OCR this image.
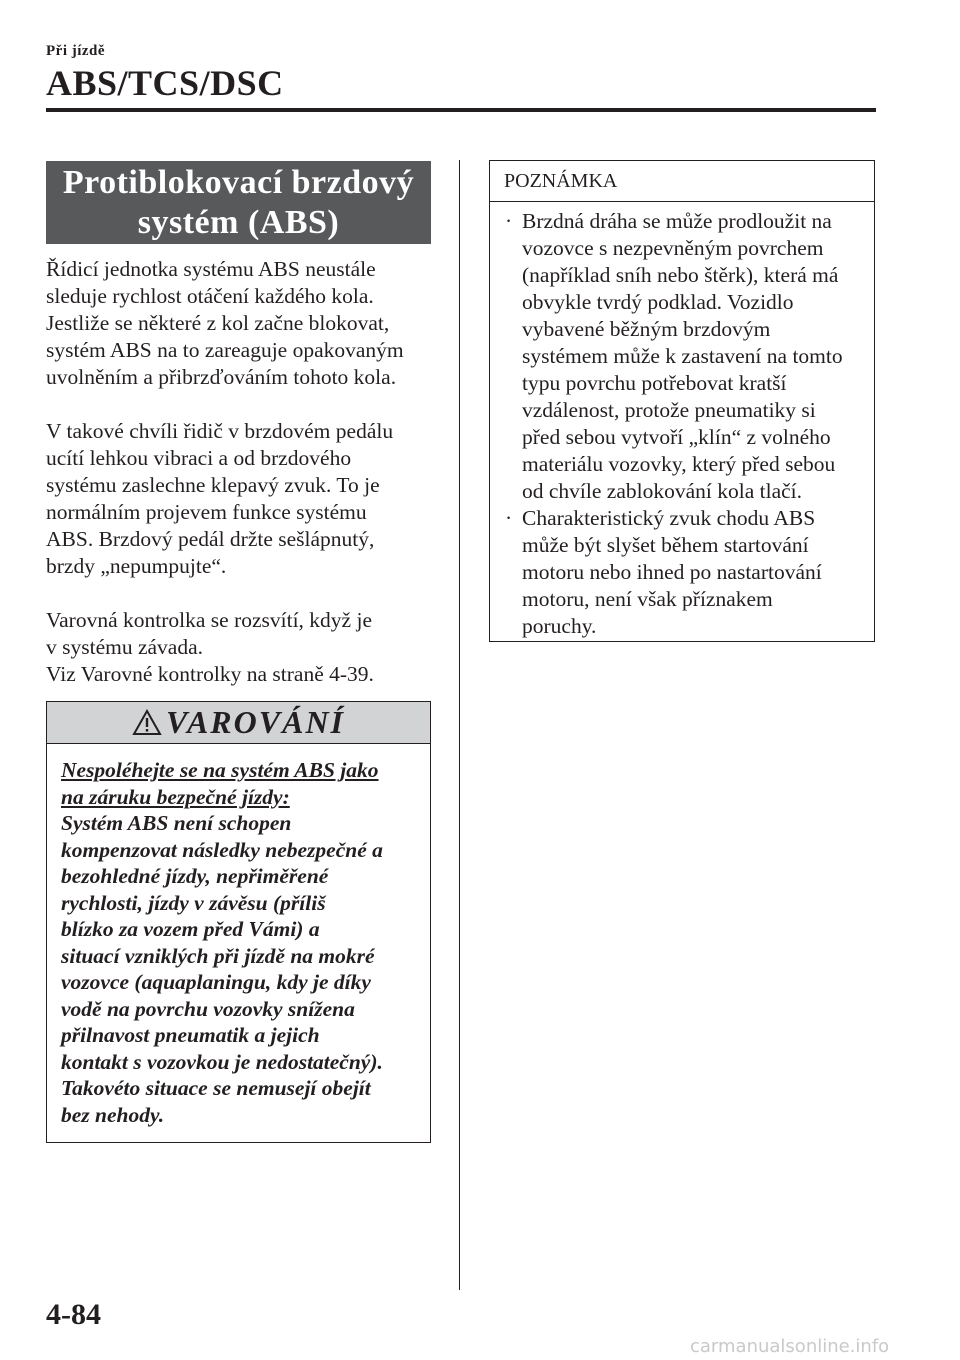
Při jízdě
ABS/TCS/DSC
Protiblokovací brzdový
systém (ABS)

Řídicí jednotka systému ABS neustále
sleduje rychlost otáčení každého kola.
Jestliže se některé z kol začne blokovat,
systém ABS na to zareaguje opakovaným
uvolněním a přibrzďováním tohoto kola.

V takové chvíli řidič v brzdovém pedálu
ucítí lehkou vibraci a od brzdového
systému zaslechne klepavý zvuk. To je
normálním projevem funkce systému
ABS. Brzdový pedál držte sešlápnutý,
brzdy „nepumpujte“.

Varovná kontrolka se rozsvítí, když je
v systému závada.
Viz Varovné kontrolky na straně 4-39.

VAROVÁNÍ
Nespoléhejte se na systém ABS jako
na záruku bezpečné jízdy:
Systém ABS není schopen
kompenzovat následky nebezpečné a
bezohledné jízdy, nepřiměřené
rychlosti, jízdy v závěsu (příliš
blízko za vozem před Vámi) a
situací vzniklých při jízdě na mokré
vozovce (aquaplaningu, kdy je díky
vodě na povrchu vozovky snížena
přilnavost pneumatik a jejich
kontakt s vozovkou je nedostatečný).
Takovéto situace se nemusejí obejít
bez nehody.
POZNÁMKA
· Brzdná dráha se může prodloužit na
vozovce s nezpevněným povrchem
(například sníh nebo štěrk), která má
obvykle tvrdý podklad. Vozidlo
vybavené běžným brzdovým
systémem může k zastavení na tomto
typu povrchu potřebovat kratší
vzdálenost, protože pneumatiky si
před sebou vytvoří „klín“ z volného
materiálu vozovky, který před sebou
od chvíle zablokování kola tlačí.
· Charakteristický zvuk chodu ABS
může být slyšet během startování
motoru nebo ihned po nastartování
motoru, není však příznakem
poruchy.
4-84
carmanualsonline.info
